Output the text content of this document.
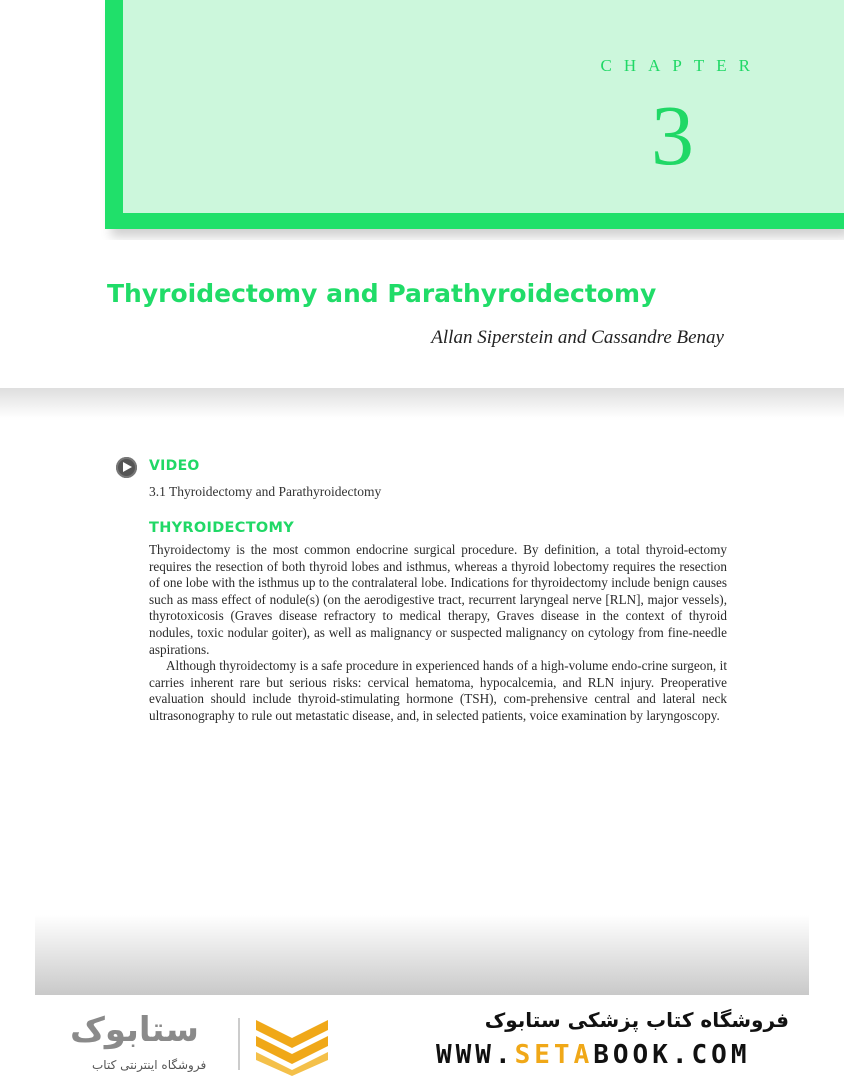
CHAPTER
3
Thyroidectomy and Parathyroidectomy
Allan Siperstein and Cassandre Benay
VIDEO
3.1 Thyroidectomy and Parathyroidectomy
THYROIDECTOMY

Thyroidectomy is the most common endocrine surgical procedure. By definition, a total thyroid-ectomy requires the resection of both thyroid lobes and isthmus, whereas a thyroid lobectomy requires the resection of one lobe with the isthmus up to the contralateral lobe. Indications for thyroidectomy include benign causes such as mass effect of nodule(s) (on the aerodigestive tract, recurrent laryngeal nerve [RLN], major vessels), thyrotoxicosis (Graves disease refractory to medical therapy, Graves disease in the context of thyroid nodules, toxic nodular goiter), as well as malignancy or suspected malignancy on cytology from fine-needle aspirations.

Although thyroidectomy is a safe procedure in experienced hands of a high-volume endo-crine surgeon, it carries inherent rare but serious risks: cervical hematoma, hypocalcemia, and RLN injury. Preoperative evaluation should include thyroid-stimulating hormone (TSH), com-prehensive central and lateral neck ultrasonography to rule out metastatic disease, and, in selected patients, voice examination by laryngoscopy.

ستابوک
فروشگاه اینترنتی کتاب
فروشگاه کتاب پزشکی ستابوک
WWW.SETABOOK.COM
